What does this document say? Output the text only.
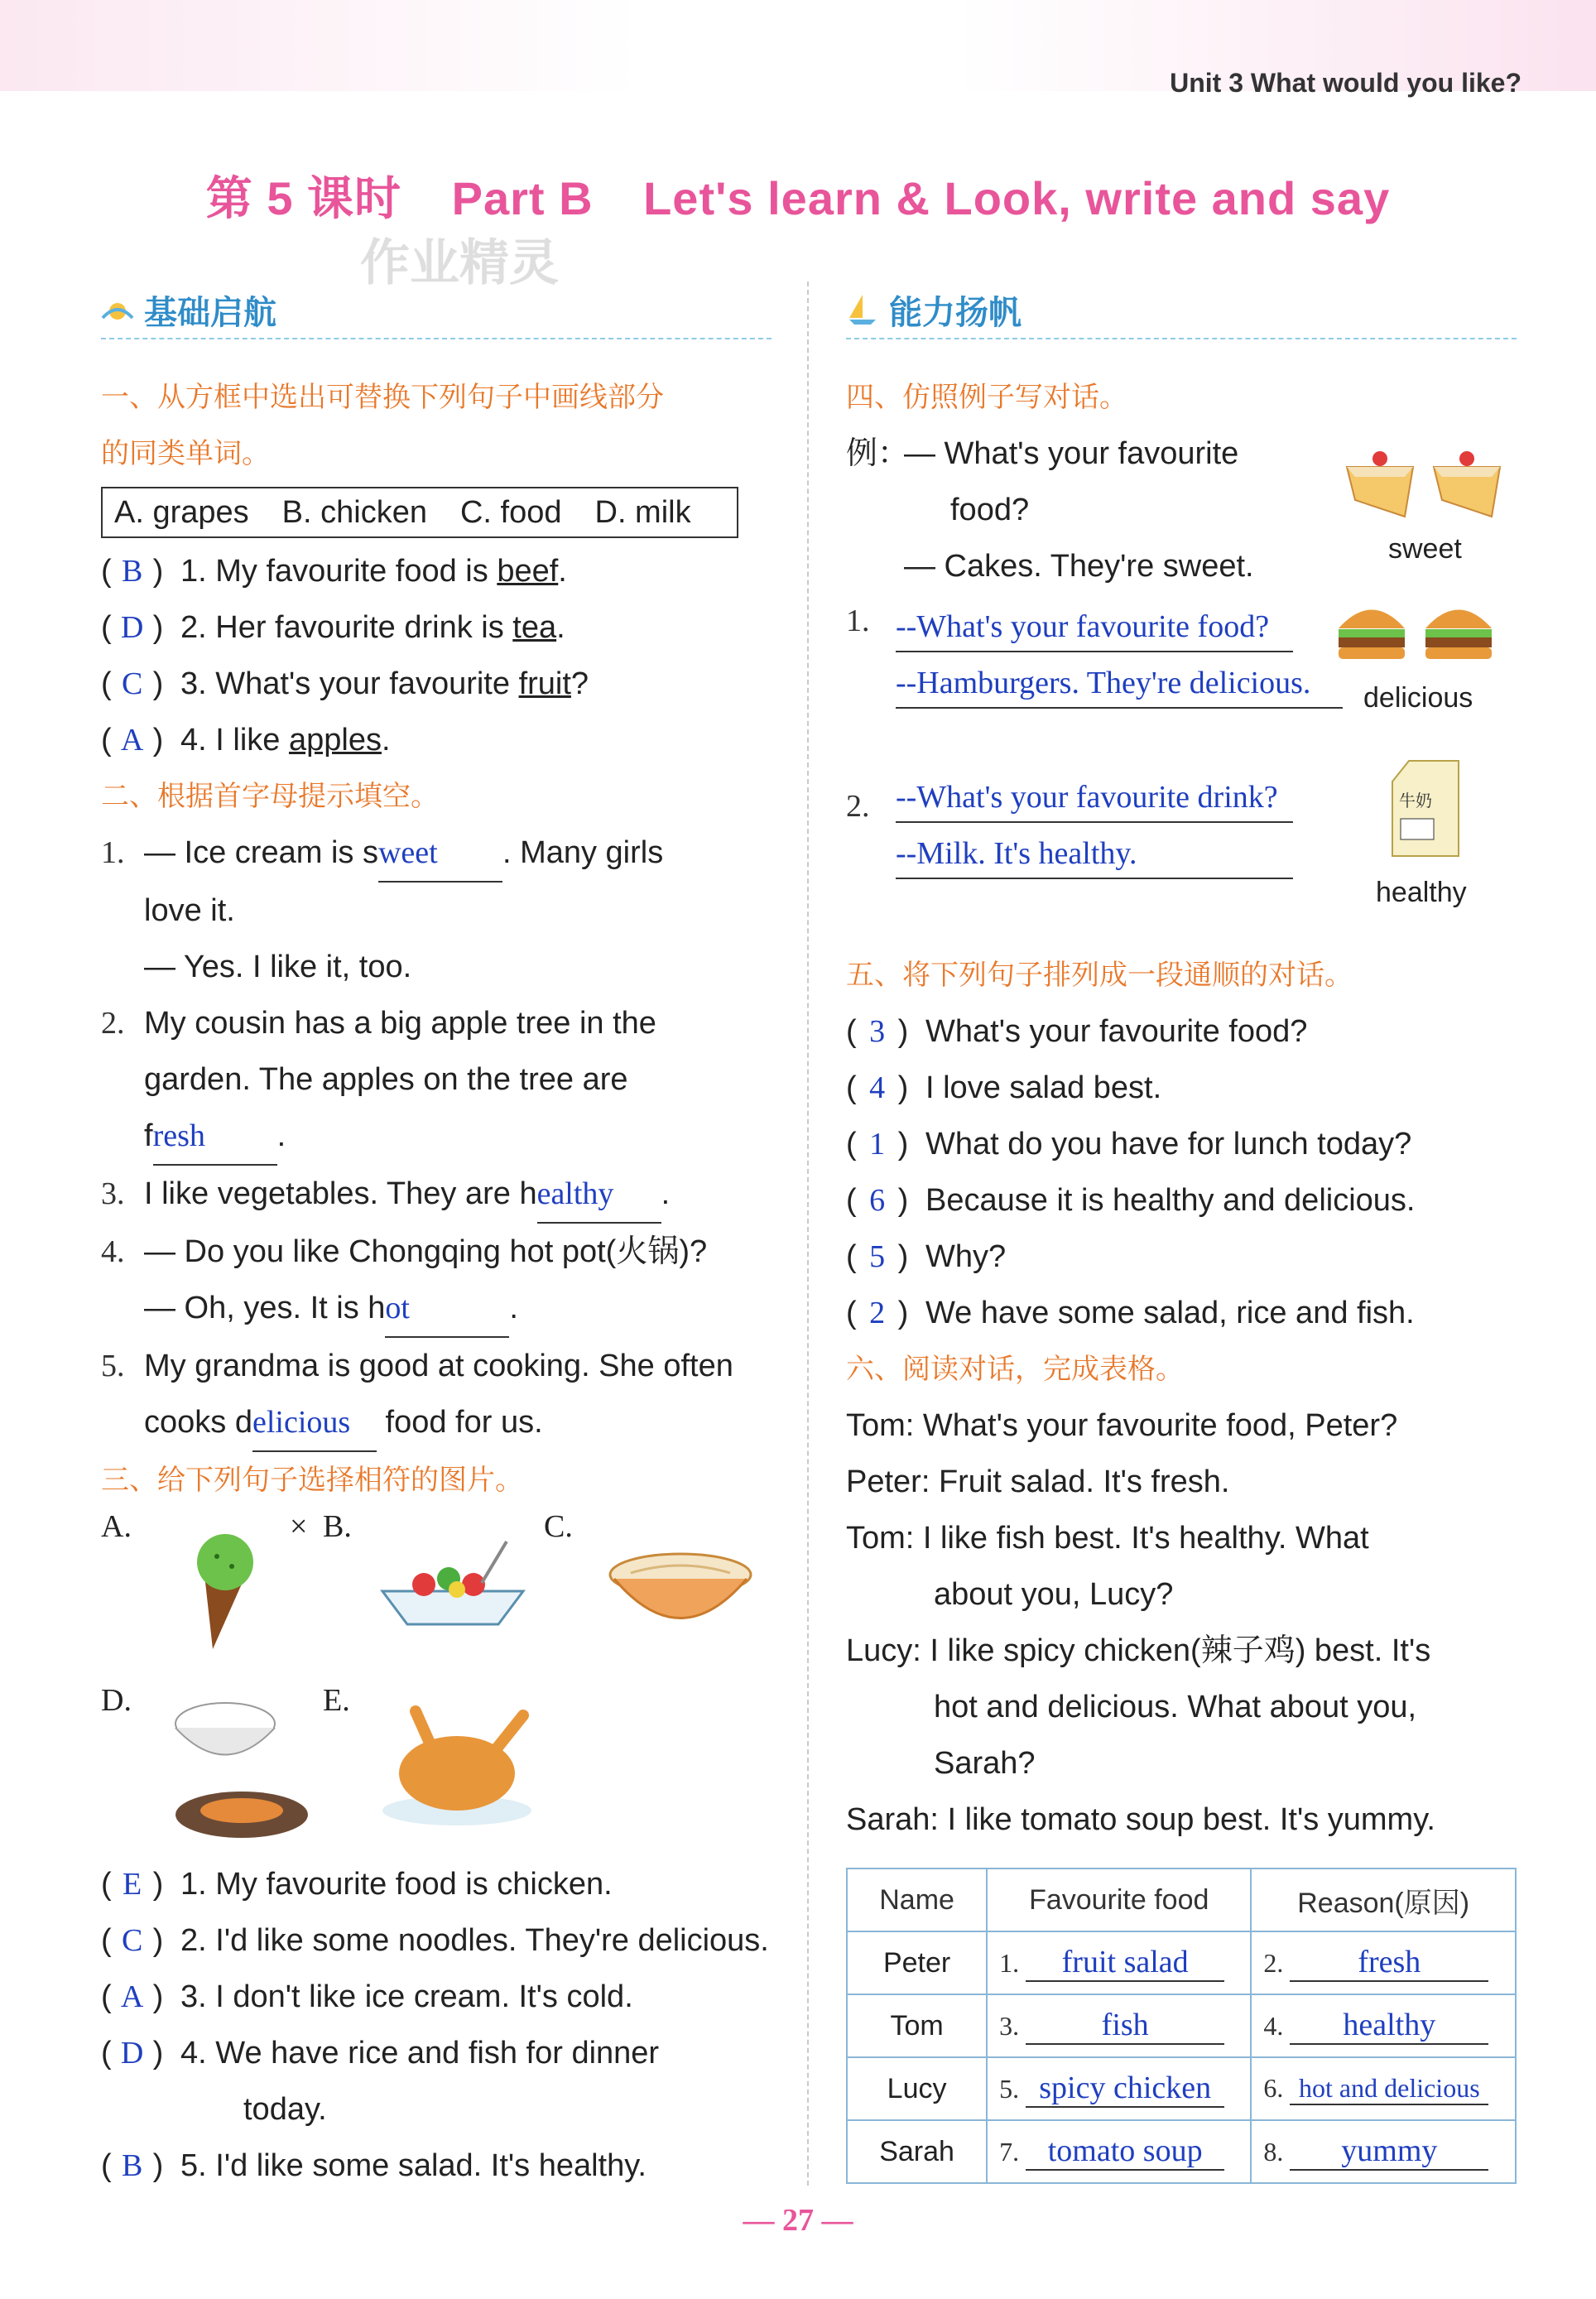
Unit 3 What would you like?
第 5 课时 Part B Let's learn & Look, write and say
作业精灵
基础启航
一、从方框中选出可替换下列句子中画线部分
的同类单词。
A. grapes B. chicken C. food D. milk
( B ) 1. My favourite food is beef.
( D ) 2. Her favourite drink is tea.
( C ) 3. What's your favourite fruit?
( A ) 4. I like apples.
二、根据首字母提示填空。
1. — Ice cream is sweet . Many girls
love it.
— Yes. I like it, too.
2. My cousin has a big apple tree in the
garden. The apples on the tree are
fresh .
3. I like vegetables. They are healthy .
4. — Do you like Chongqing hot pot(火锅)?
— Oh, yes. It is hot	.
5. My grandma is good at cooking. She often
cooks delicious food for us.
三、给下列句子选择相符的图片。
A.	× B.	C.
D.	E.
( E ) 1. My favourite food is chicken.
( C ) 2. I'd like some noodles. They're delicious.
( A ) 3. I don't like ice cream. It's cold.
( D ) 4. We have rice and fish for dinner
today.
( B ) 5. I'd like some salad. It's healthy.
能力扬帆
四、仿照例子写对话。
例：— What's your favourite
food?
— Cakes. They're sweet.	sweet
1. --What's your favourite food?
--Hamburgers. They're delicious.	delicious
2. --What's your favourite drink?
--Milk. It's healthy.
牛奶
healthy
五、将下列句子排列成一段通顺的对话。
( 3 ) What's your favourite food?
( 4 ) I love salad best.
( 1 ) What do you have for lunch today?
( 6 ) Because it is healthy and delicious.
( 5 ) Why?
( 2 ) We have some salad, rice and fish.
六、阅读对话，完成表格。
Tom: What's your favourite food, Peter?
Peter: Fruit salad. It's fresh.
Tom: I like fish best. It's healthy. What
about you, Lucy?
Lucy: I like spicy chicken(辣子鸡) best. It's
hot and delicious. What about you,
Sarah?
Sarah: I like tomato soup best. It's yummy.
Name	Favourite food	Reason(原因)
Peter	1. fruit salad	2. fresh
Tom	3. fish	4. healthy
Lucy	5. spicy chicken	6. hot and delicious
Sarah	7. tomato soup	8. yummy
— 27 —
